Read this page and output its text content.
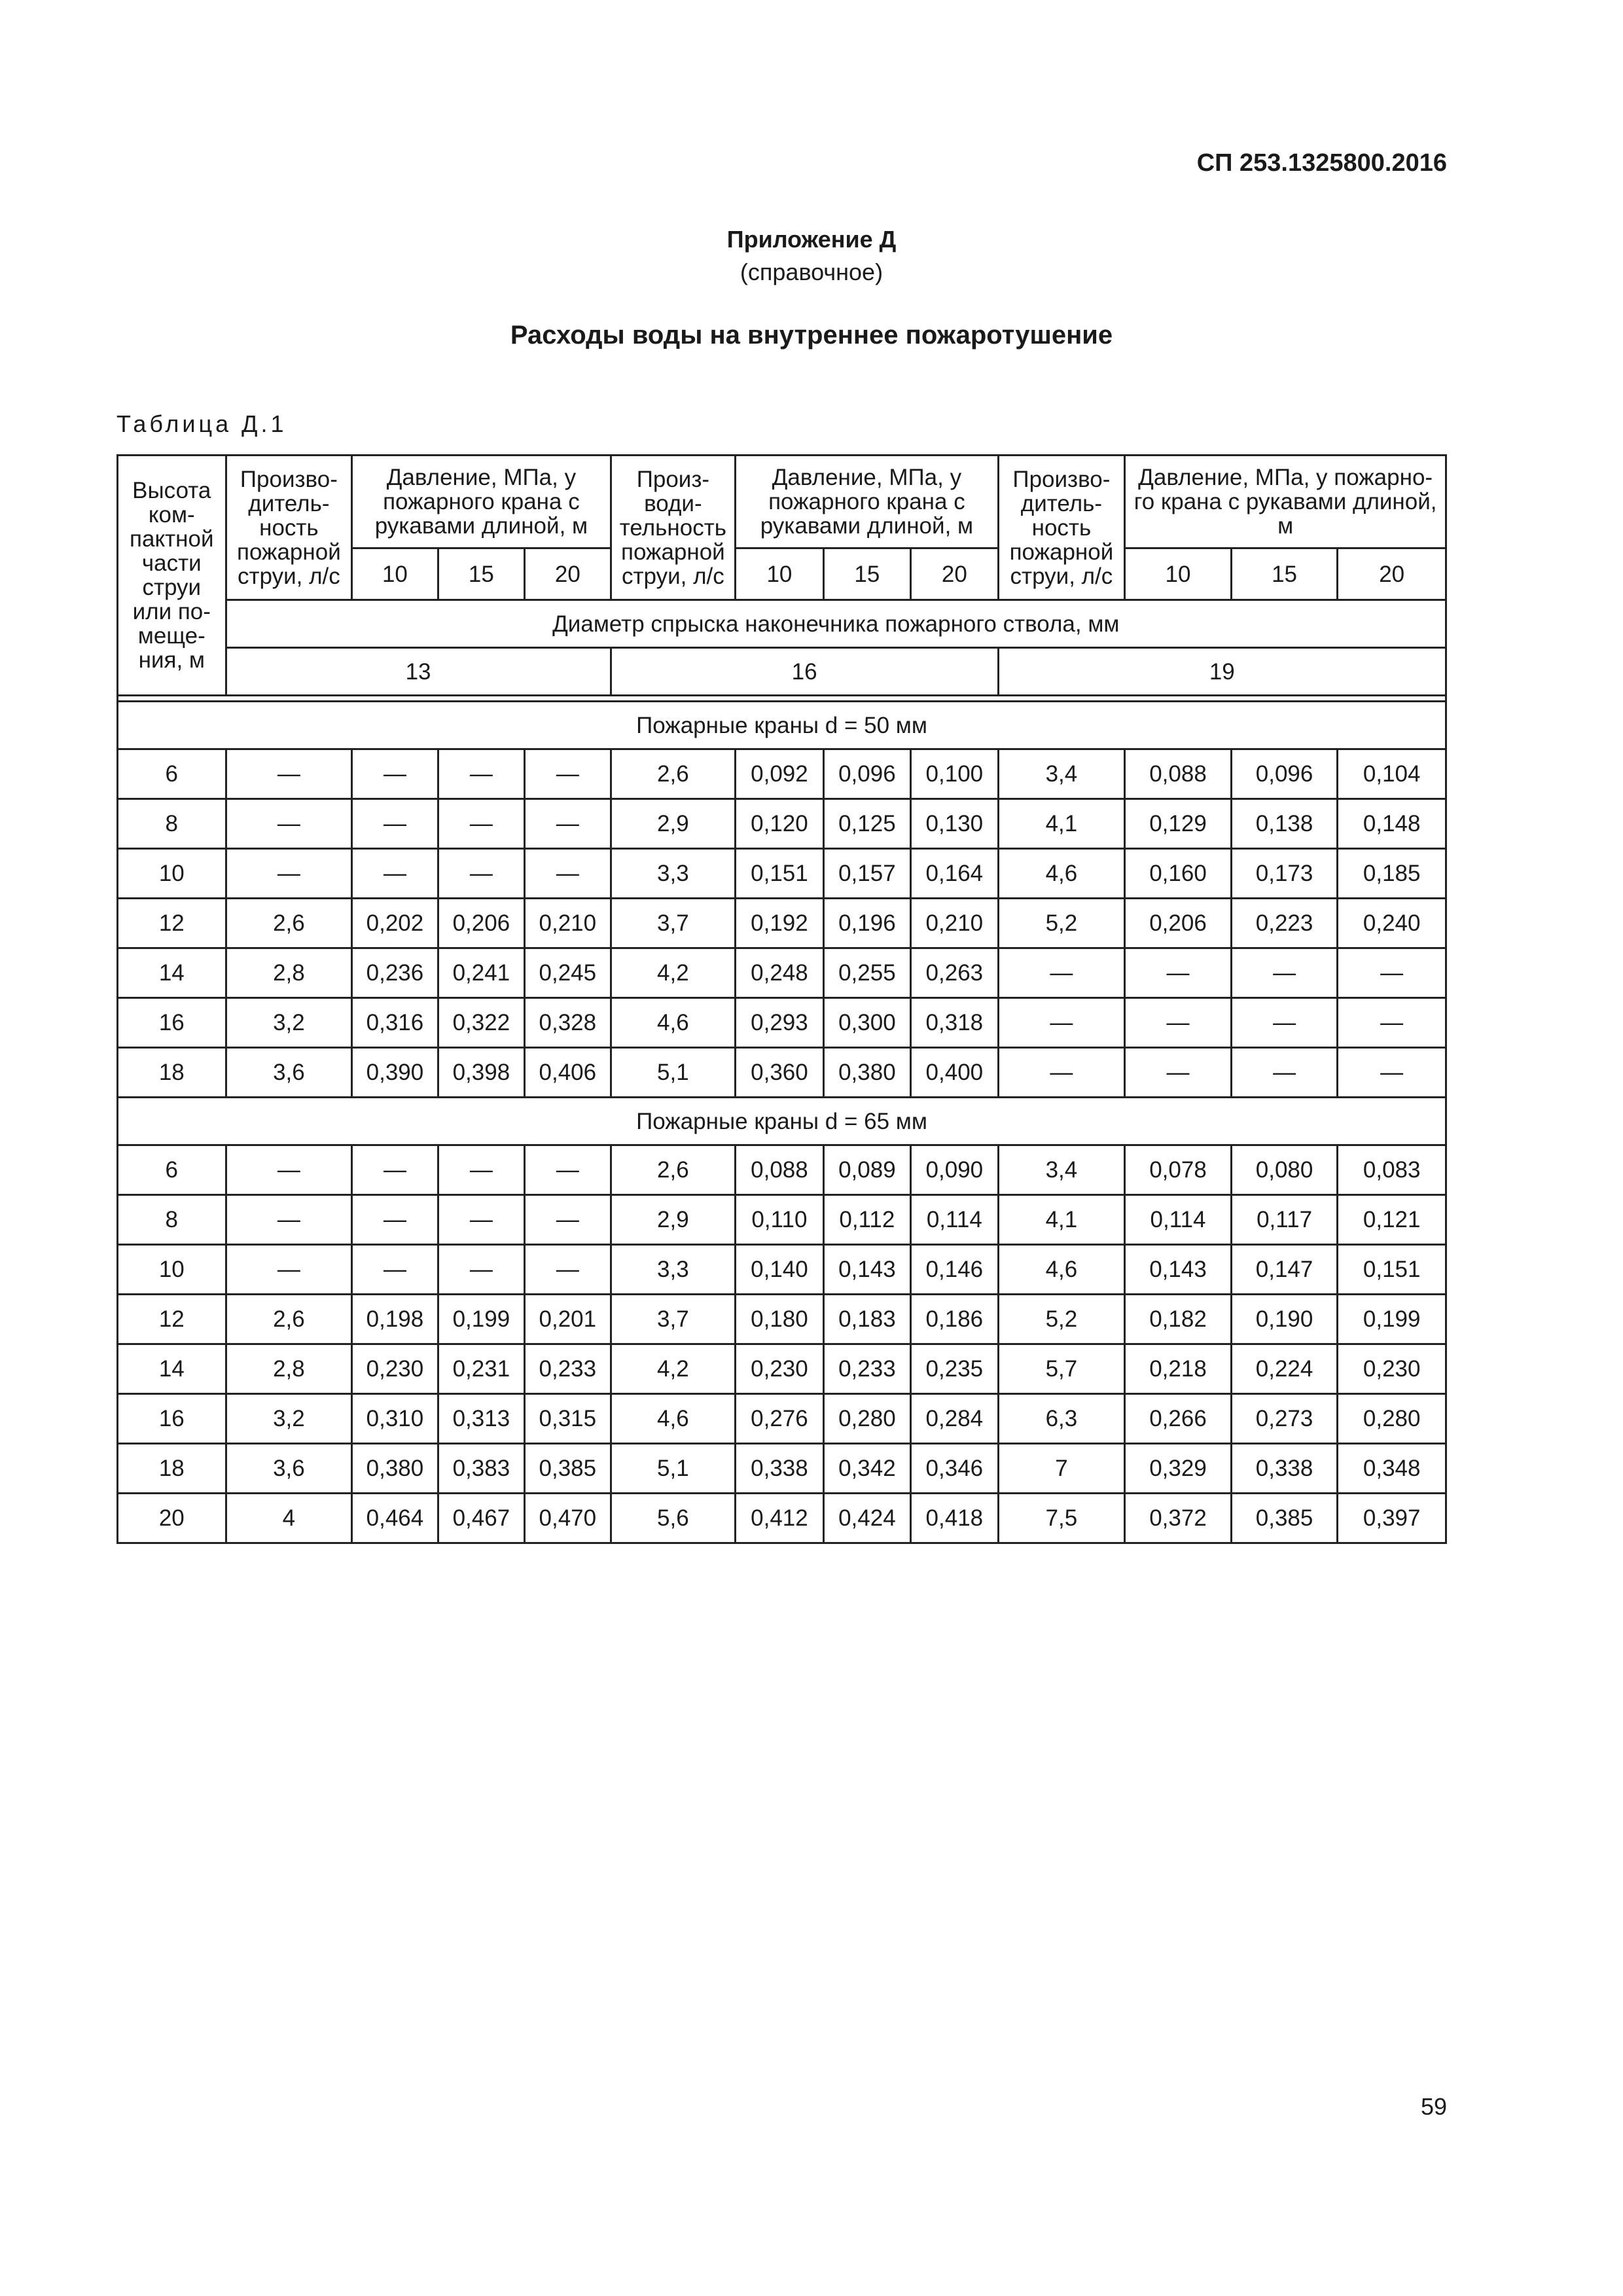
СП 253.1325800.2016
Приложение Д
(справочное)
Расходы воды на внутреннее пожаротушение
Таблица Д.1
Высота ком-пактной части струи или по-меще-ния, м	Произво-дитель-ность пожарной струи, л/с	Давление, МПа, у пожарного крана с рукавами длиной, м			Произ-води-тельность пожарной струи, л/с	Давление, МПа, у пожарного крана с рукавами длиной, м			Произво-дитель-ность пожарной струи, л/с	Давление, МПа, у пожарно-го крана с рукавами длиной, м		
		10	15	20		10	15	20		10	15	20
	Диаметр спрыска наконечника пожарного ствола, мм											
	13				16				19			

Пожарные краны d = 50 мм												
6	—	—	—	—	2,6	0,092	0,096	0,100	3,4	0,088	0,096	0,104
8	—	—	—	—	2,9	0,120	0,125	0,130	4,1	0,129	0,138	0,148
10	—	—	—	—	3,3	0,151	0,157	0,164	4,6	0,160	0,173	0,185
12	2,6	0,202	0,206	0,210	3,7	0,192	0,196	0,210	5,2	0,206	0,223	0,240
14	2,8	0,236	0,241	0,245	4,2	0,248	0,255	0,263	—	—	—	—
16	3,2	0,316	0,322	0,328	4,6	0,293	0,300	0,318	—	—	—	—
18	3,6	0,390	0,398	0,406	5,1	0,360	0,380	0,400	—	—	—	—
Пожарные краны d = 65 мм												
6	—	—	—	—	2,6	0,088	0,089	0,090	3,4	0,078	0,080	0,083
8	—	—	—	—	2,9	0,110	0,112	0,114	4,1	0,114	0,117	0,121
10	—	—	—	—	3,3	0,140	0,143	0,146	4,6	0,143	0,147	0,151
12	2,6	0,198	0,199	0,201	3,7	0,180	0,183	0,186	5,2	0,182	0,190	0,199
14	2,8	0,230	0,231	0,233	4,2	0,230	0,233	0,235	5,7	0,218	0,224	0,230
16	3,2	0,310	0,313	0,315	4,6	0,276	0,280	0,284	6,3	0,266	0,273	0,280
18	3,6	0,380	0,383	0,385	5,1	0,338	0,342	0,346	7	0,329	0,338	0,348
20	4	0,464	0,467	0,470	5,6	0,412	0,424	0,418	7,5	0,372	0,385	0,397
59
